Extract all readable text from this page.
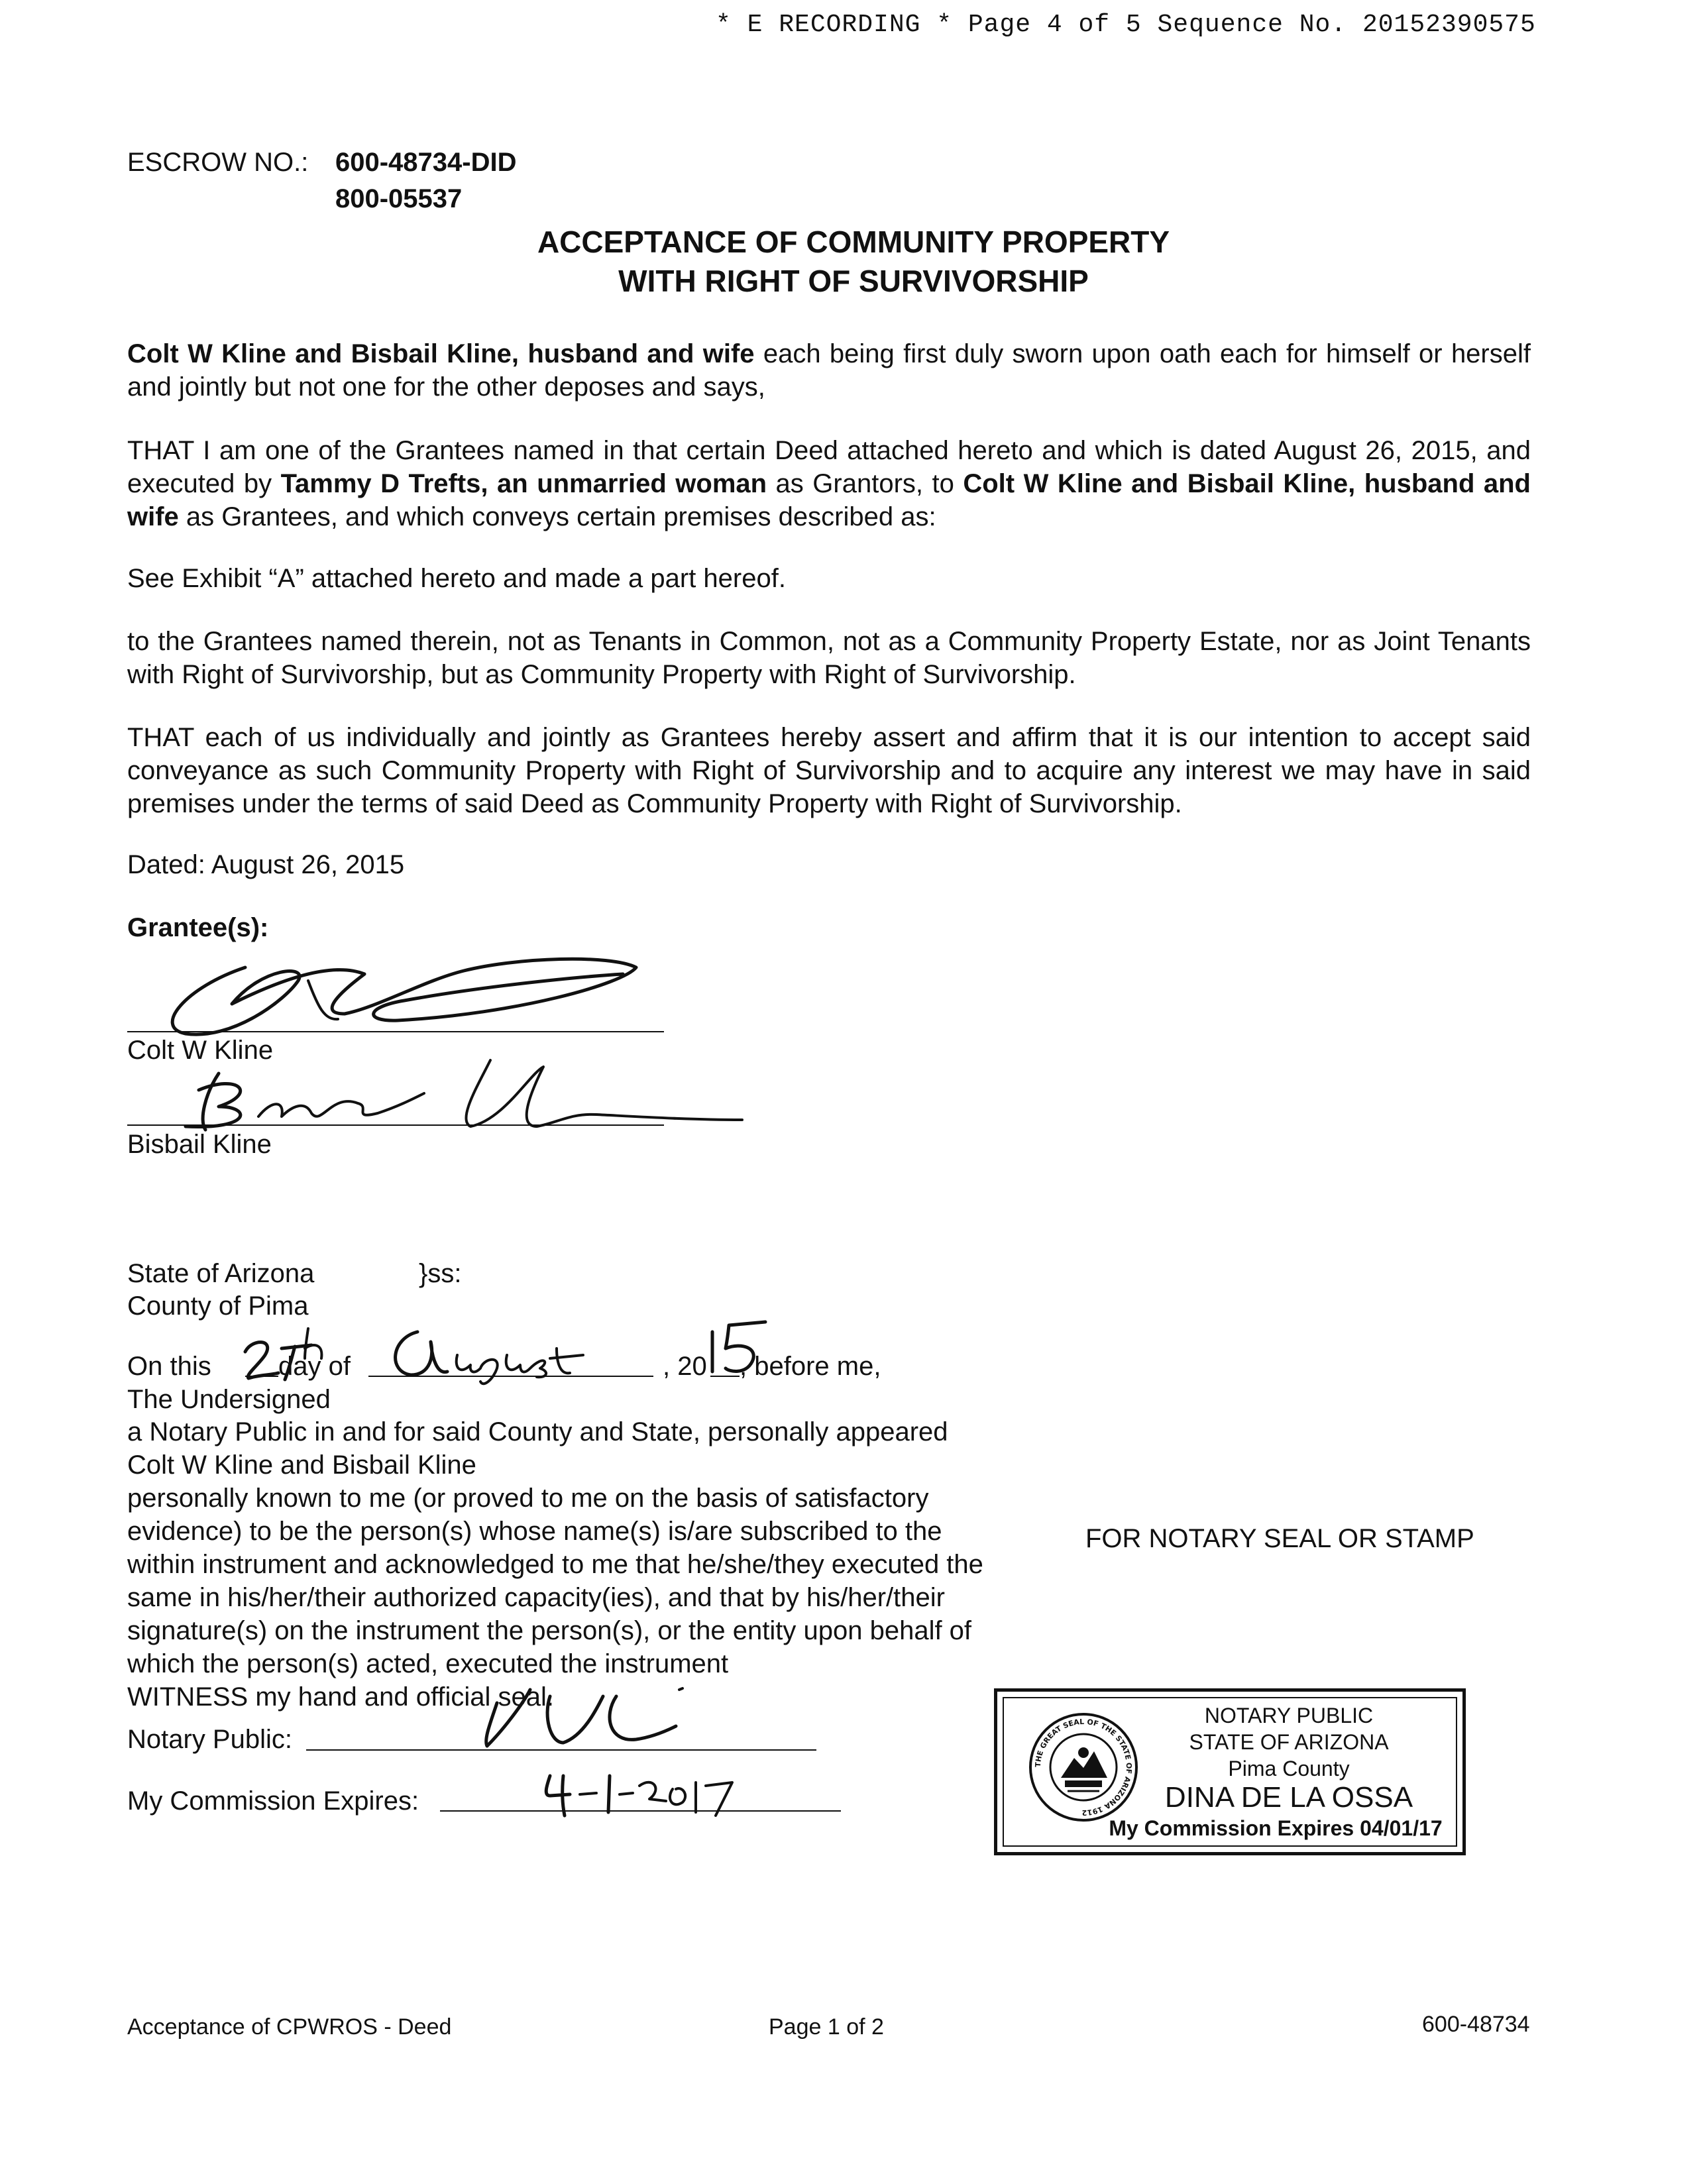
* E RECORDING * Page 4 of 5 Sequence No. 20152390575
ESCROW NO.: 600-48734-DID
800-05537
ACCEPTANCE OF COMMUNITY PROPERTY
WITH RIGHT OF SURVIVORSHIP
Colt W Kline and Bisbail Kline, husband and wife each being first duly sworn upon oath each for himself or herself and jointly but not one for the other deposes and says,
THAT I am one of the Grantees named in that certain Deed attached hereto and which is dated August 26, 2015, and executed by Tammy D Trefts, an unmarried woman as Grantors, to Colt W Kline and Bisbail Kline, husband and wife as Grantees, and which conveys certain premises described as:
See Exhibit “A” attached hereto and made a part hereof.
to the Grantees named therein, not as Tenants in Common, not as a Community Property Estate, nor as Joint Tenants with Right of Survivorship, but as Community Property with Right of Survivorship.
THAT each of us individually and jointly as Grantees hereby assert and affirm that it is our intention to accept said conveyance as such Community Property with Right of Survivorship and to acquire any interest we may have in said premises under the terms of said Deed as Community Property with Right of Survivorship.
Dated: August 26, 2015
Grantee(s):
Colt W Kline
Bisbail Kline
State of Arizona	}ss:
County of Pima
On this	day of	, 20 , before me,
The Undersigned
a Notary Public in and for said County and State, personally appeared
Colt W Kline and Bisbail Kline
personally known to me (or proved to me on the basis of satisfactory
evidence) to be the person(s) whose name(s) is/are subscribed to the
within instrument and acknowledged to me that he/she/they executed the
same in his/her/their authorized capacity(ies), and that by his/her/their
signature(s) on the instrument the person(s), or the entity upon behalf of
which the person(s) acted, executed the instrument
WITNESS my hand and official seal.
FOR NOTARY SEAL OR STAMP
Notary Public:
My Commission Expires:
THE GREAT SEAL OF THE STATE OF ARIZONA 1912
NOTARY PUBLIC
STATE OF ARIZONA
Pima County
DINA DE LA OSSA
My Commission Expires 04/01/17
Acceptance of CPWROS - Deed	Page 1 of 2	600-48734
